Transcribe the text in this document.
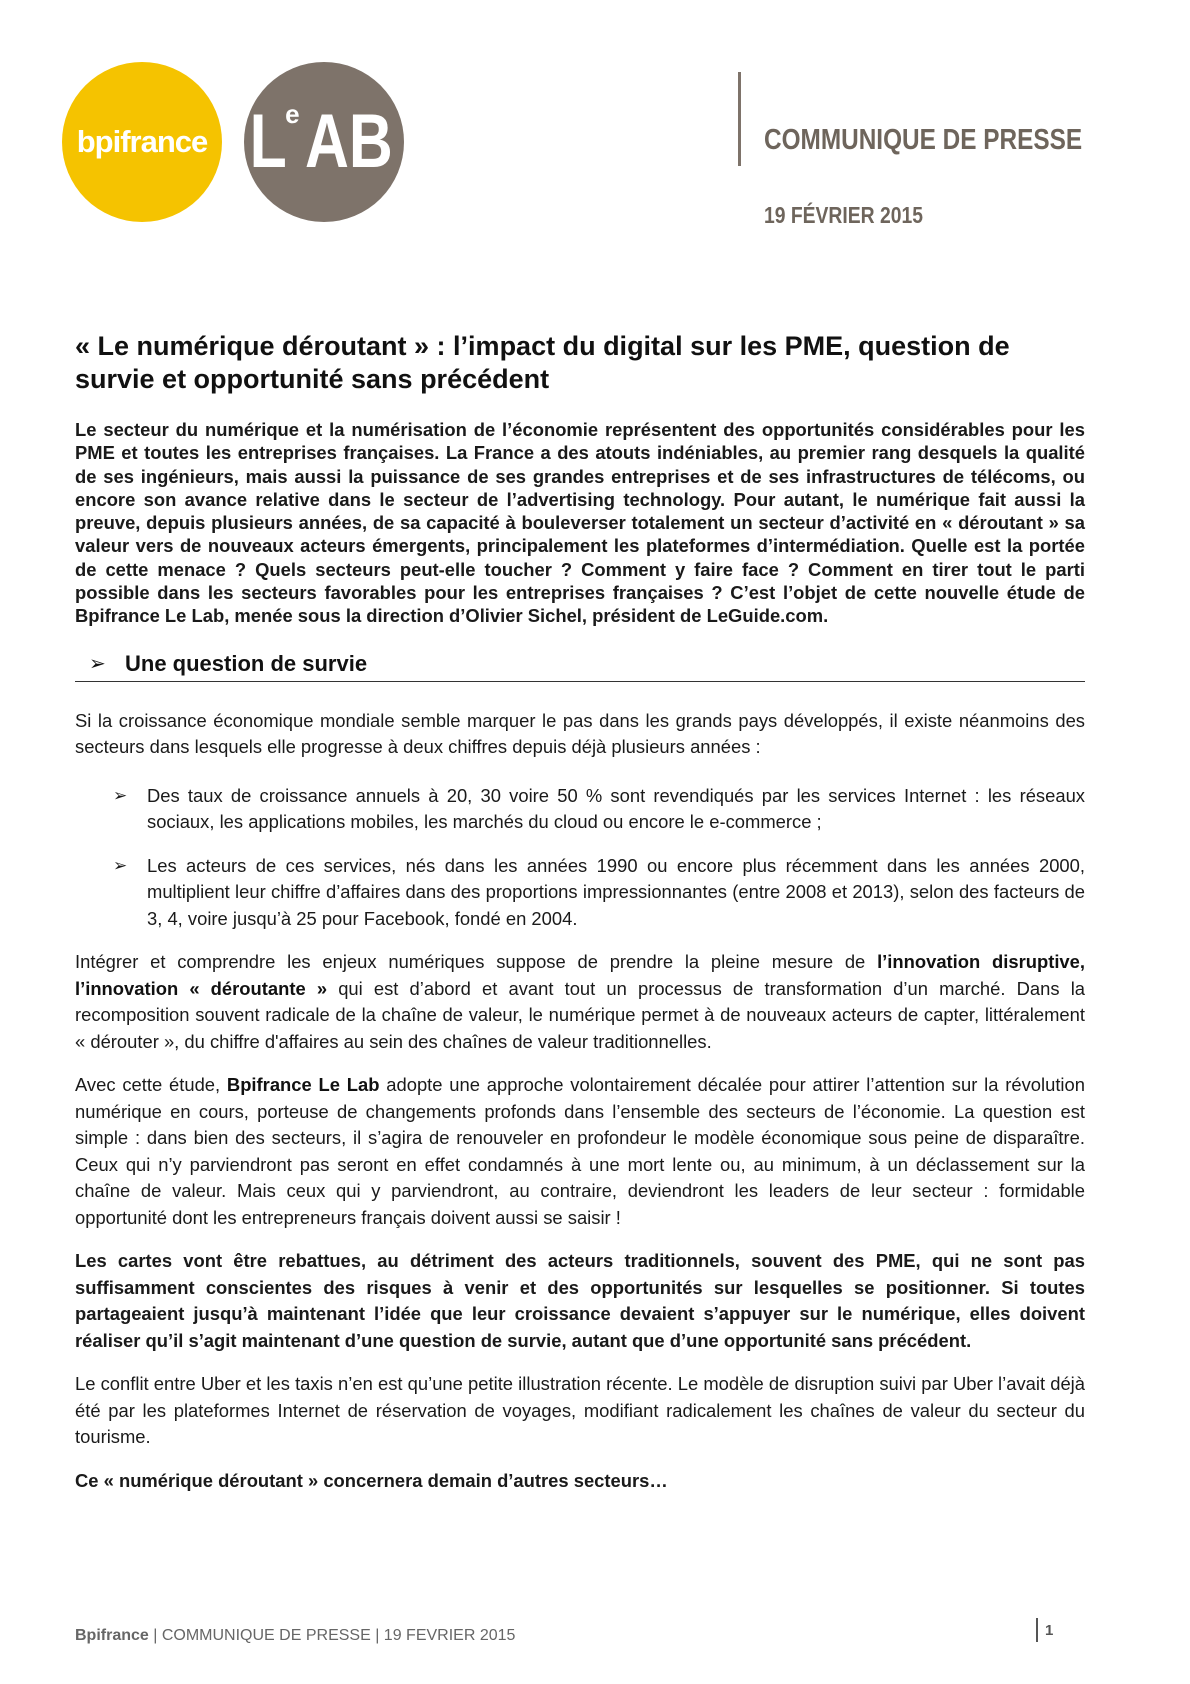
bpifrance L
e AB	COMMUNIQUE DE PRESSE
19 FÉVRIER 2015
« Le numérique déroutant » : l’impact du digital sur les PME, question de survie et opportunité sans précédent

Le secteur du numérique et la numérisation de l’économie représentent des opportunités considérables pour les PME et toutes les entreprises françaises. La France a des atouts indéniables, au premier rang desquels la qualité de ses ingénieurs, mais aussi la puissance de ses grandes entreprises et de ses infrastructures de télécoms, ou encore son avance relative dans le secteur de l’advertising technology. Pour autant, le numérique fait aussi la preuve, depuis plusieurs années, de sa capacité à bouleverser totalement un secteur d’activité en « déroutant » sa valeur vers de nouveaux acteurs émergents, principalement les plateformes d’intermédiation. Quelle est la portée de cette menace ? Quels secteurs peut-elle toucher ? Comment y faire face ? Comment en tirer tout le parti possible dans les secteurs favorables pour les entreprises françaises ? C’est l’objet de cette nouvelle étude de Bpifrance Le Lab, menée sous la direction d’Olivier Sichel, président de LeGuide.com.

➢ Une question de survie

Si la croissance économique mondiale semble marquer le pas dans les grands pays développés, il existe néanmoins des secteurs dans lesquels elle progresse à deux chiffres depuis déjà plusieurs années :

➢	Des taux de croissance annuels à 20, 30 voire 50 % sont revendiqués par les services Internet : les réseaux sociaux, les applications mobiles, les marchés du cloud ou encore le e-commerce ;
➢	Les acteurs de ces services, nés dans les années 1990 ou encore plus récemment dans les années 2000, multiplient leur chiffre d’affaires dans des proportions impressionnantes (entre 2008 et 2013), selon des facteurs de 3, 4, voire jusqu’à 25 pour Facebook, fondé en 2004.

Intégrer et comprendre les enjeux numériques suppose de prendre la pleine mesure de l’innovation disruptive, l’innovation « déroutante » qui est d’abord et avant tout un processus de transformation d’un marché. Dans la recomposition souvent radicale de la chaîne de valeur, le numérique permet à de nouveaux acteurs de capter, littéralement « dérouter », du chiffre d'affaires au sein des chaînes de valeur traditionnelles.

Avec cette étude, Bpifrance Le Lab adopte une approche volontairement décalée pour attirer l’attention sur la révolution numérique en cours, porteuse de changements profonds dans l’ensemble des secteurs de l’économie. La question est simple : dans bien des secteurs, il s’agira de renouveler en profondeur le modèle économique sous peine de disparaître. Ceux qui n’y parviendront pas seront en effet condamnés à une mort lente ou, au minimum, à un déclassement sur la chaîne de valeur. Mais ceux qui y parviendront, au contraire, deviendront les leaders de leur secteur : formidable opportunité dont les entrepreneurs français doivent aussi se saisir !

Les cartes vont être rebattues, au détriment des acteurs traditionnels, souvent des PME, qui ne sont pas suffisamment conscientes des risques à venir et des opportunités sur lesquelles se positionner. Si toutes partageaient jusqu’à maintenant l’idée que leur croissance devaient s’appuyer sur le numérique, elles doivent réaliser qu’il s’agit maintenant d’une question de survie, autant que d’une opportunité sans précédent.

Le conflit entre Uber et les taxis n’en est qu’une petite illustration récente. Le modèle de disruption suivi par Uber l’avait déjà été par les plateformes Internet de réservation de voyages, modifiant radicalement les chaînes de valeur du secteur du tourisme.

Ce « numérique déroutant » concernera demain d’autres secteurs…

Bpifrance | COMMUNIQUE DE PRESSE | 19 FEVRIER 2015	1
